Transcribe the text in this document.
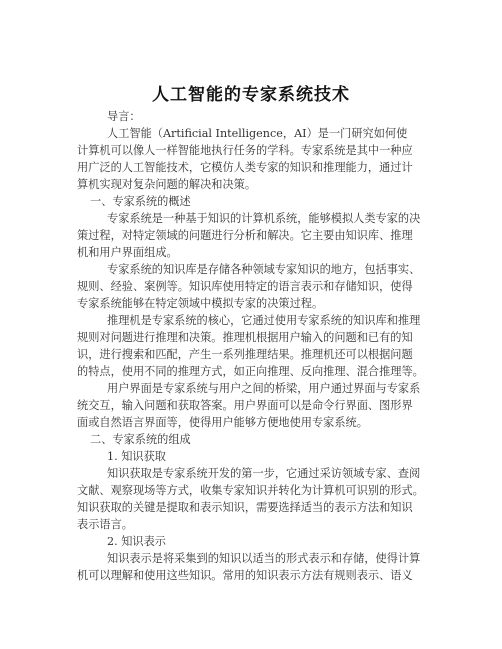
人工智能的专家系统技术
导言：
人工智能（Artificial Intelligence，AI）是一门研究如何使
计算机可以像人一样智能地执行任务的学科。专家系统是其中一种应
用广泛的人工智能技术，它模仿人类专家的知识和推理能力，通过计
算机实现对复杂问题的解决和决策。
一、专家系统的概述
专家系统是一种基于知识的计算机系统，能够模拟人类专家的决
策过程，对特定领域的问题进行分析和解决。它主要由知识库、推理
机和用户界面组成。
专家系统的知识库是存储各种领域专家知识的地方，包括事实、
规则、经验、案例等。知识库使用特定的语言表示和存储知识，使得
专家系统能够在特定领域中模拟专家的决策过程。
推理机是专家系统的核心，它通过使用专家系统的知识库和推理
规则对问题进行推理和决策。推理机根据用户输入的问题和已有的知
识，进行搜索和匹配，产生一系列推理结果。推理机还可以根据问题
的特点，使用不同的推理方式，如正向推理、反向推理、混合推理等。
用户界面是专家系统与用户之间的桥梁，用户通过界面与专家系
统交互，输入问题和获取答案。用户界面可以是命令行界面、图形界
面或自然语言界面等，使得用户能够方便地使用专家系统。
二、专家系统的组成
1. 知识获取
知识获取是专家系统开发的第一步，它通过采访领域专家、查阅
文献、观察现场等方式，收集专家知识并转化为计算机可识别的形式。
知识获取的关键是提取和表示知识，需要选择适当的表示方法和知识
表示语言。
2. 知识表示
知识表示是将采集到的知识以适当的形式表示和存储，使得计算
机可以理解和使用这些知识。常用的知识表示方法有规则表示、语义
